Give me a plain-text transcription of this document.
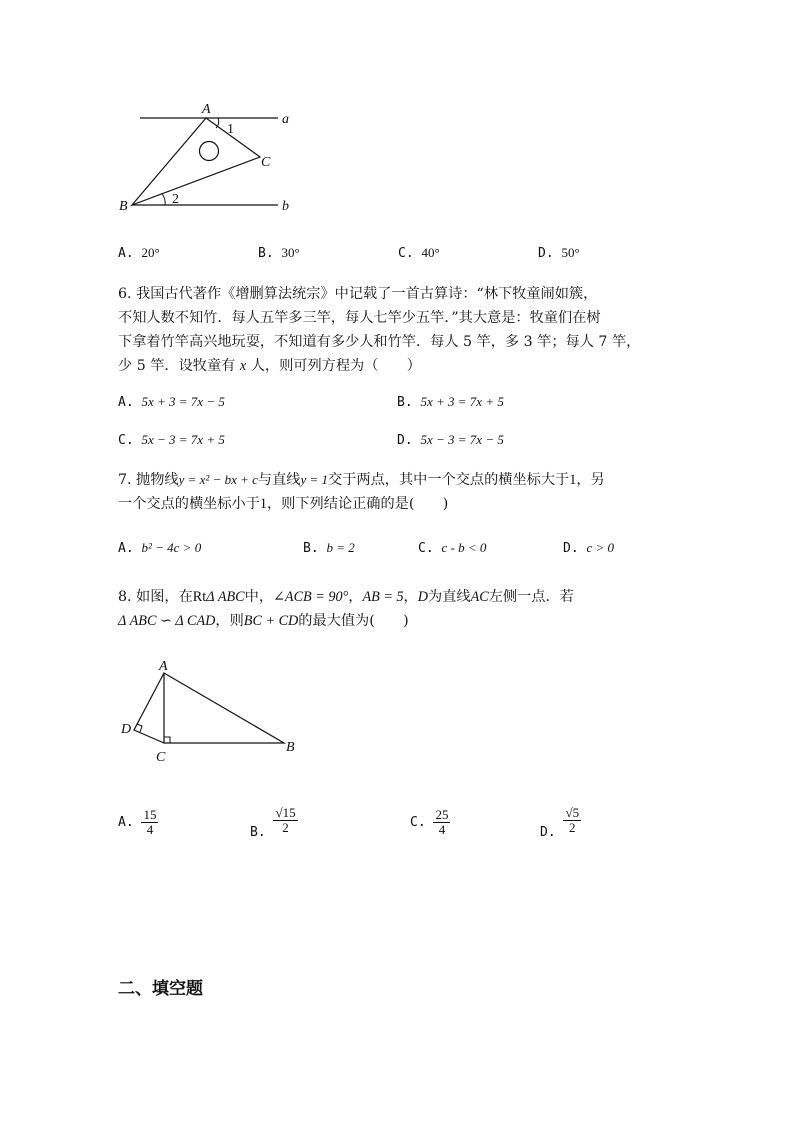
A
a
1
C
B	2	b
A. 20°	B. 30°	C. 40°	D. 50°
6. 我国古代著作《增删算法统宗》中记载了一首古算诗：“林下牧童闹如簇，
不知人数不知竹．每人五竿多三竿，每人七竿少五竿．”其大意是：牧童们在树
下拿着竹竿高兴地玩耍，不知道有多少人和竹竿．每人 5 竿，多 3 竿；每人 7 竿，
少 5 竿．设牧童有 x 人，则可列方程为（　　）
A. 5x + 3 = 7x − 5	B. 5x + 3 = 7x + 5
C. 5x − 3 = 7x + 5	D. 5x − 3 = 7x − 5
7. 抛物线y = x² − bx + c与直线y = 1交于两点，其中一个交点的横坐标大于1，另
一个交点的横坐标小于1，则下列结论正确的是(　　)
A. b² − 4c > 0	B. b = 2	C. c - b < 0	D. c > 0
8. 如图，在RtΔ ABC中，∠ACB = 90°，AB = 5，D为直线AC左侧一点．若
Δ ABC ∽ Δ CAD，则BC + CD的最大值为(　　)
A
D
C
B
A. $\frac{15}{4}$	B. $\frac{√15}{2}$	C. $\frac{25}{4}$	D. $\frac{√5}{2}$
二、填空题
